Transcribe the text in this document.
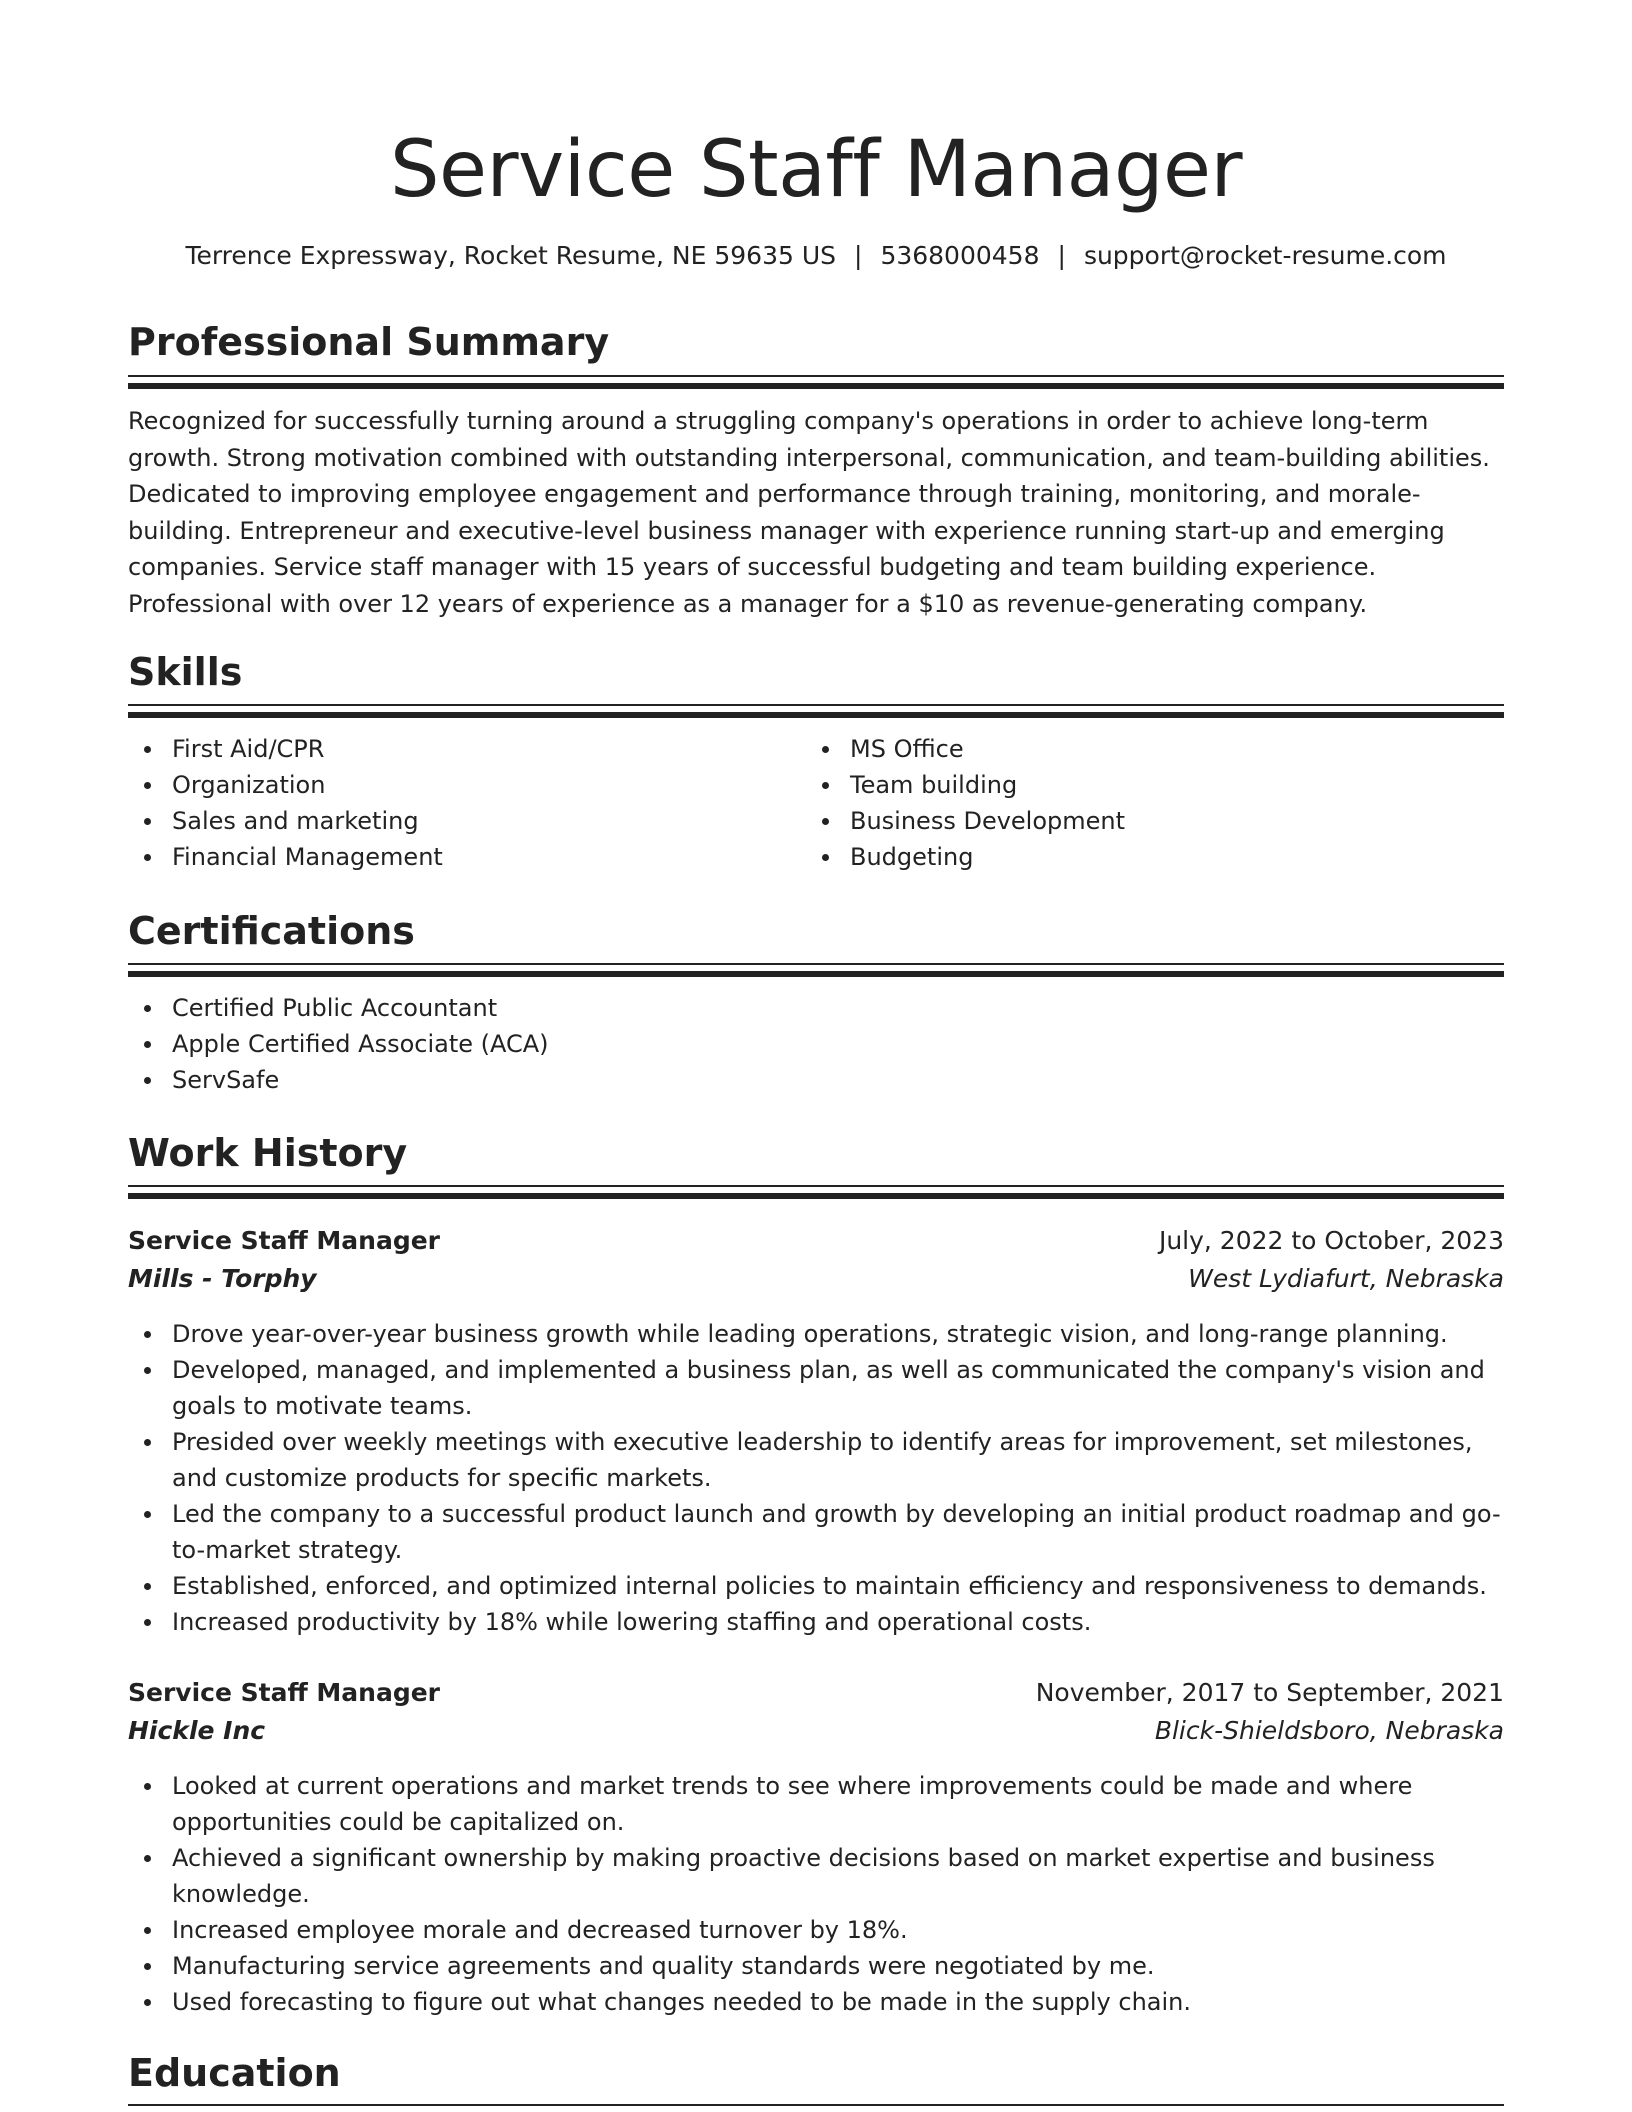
Service Staff Manager
Terrence Expressway, Rocket Resume, NE 59635 US | 5368000458 | support@rocket-resume.com
Professional Summary

Recognized for successfully turning around a struggling company's operations in order to achieve long-term growth. Strong motivation combined with outstanding interpersonal, communication, and team-building abilities. Dedicated to improving employee engagement and performance through training, monitoring, and morale-building. Entrepreneur and executive-level business manager with experience running start-up and emerging companies. Service staff manager with 15 years of successful budgeting and team building experience. Professional with over 12 years of experience as a manager for a $10 as revenue-generating company.

Skills
First Aid/CPR
Organization
Sales and marketing
Financial Management
MS Office
Team building
Business Development
Budgeting
Certifications
Certified Public Accountant
Apple Certified Associate (ACA)
ServSafe
Work History
Service Staff Manager	July, 2022 to October, 2023
Mills - Torphy	West Lydiafurt, Nebraska
Drove year-over-year business growth while leading operations, strategic vision, and long-range planning.
Developed, managed, and implemented a business plan, as well as communicated the company's vision and goals to motivate teams.
Presided over weekly meetings with executive leadership to identify areas for improvement, set milestones, and customize products for specific markets.
Led the company to a successful product launch and growth by developing an initial product roadmap and go-to-market strategy.
Established, enforced, and optimized internal policies to maintain efficiency and responsiveness to demands.
Increased productivity by 18% while lowering staffing and operational costs.
Service Staff Manager	November, 2017 to September, 2021
Hickle Inc	Blick-Shieldsboro, Nebraska
Looked at current operations and market trends to see where improvements could be made and where opportunities could be capitalized on.
Achieved a significant ownership by making proactive decisions based on market expertise and business knowledge.
Increased employee morale and decreased turnover by 18%.
Manufacturing service agreements and quality standards were negotiated by me.
Used forecasting to figure out what changes needed to be made in the supply chain.
Education
